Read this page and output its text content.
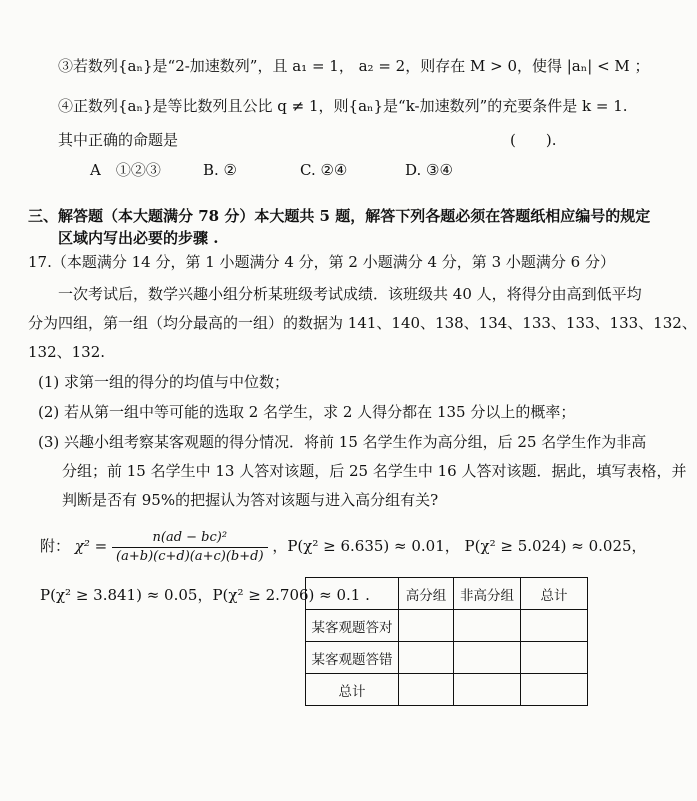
③若数列{aₙ}是“2-加速数列”，且 a₁ = 1， a₂ = 2，则存在 M > 0，使得 |aₙ| < M ；
④正数列{aₙ}是等比数列且公比 q ≠ 1，则{aₙ}是“k-加速数列”的充要条件是 k = 1.
其中正确的命题是	(　　).
A　①②③	B. ②	C. ②④	D. ③④
三、解答题（本大题满分 78 分）本大题共 5 题，解答下列各题必须在答题纸相应编号的规定
区域内写出必要的步骤 .
17.（本题满分 14 分，第 1 小题满分 4 分，第 2 小题满分 4 分，第 3 小题满分 6 分）
一次考试后，数学兴趣小组分析某班级考试成绩．该班级共 40 人，将得分由高到低平均
分为四组，第一组（均分最高的一组）的数据为 141、140、138、134、133、133、133、132、
132、132.
(1) 求第一组的得分的均值与中位数；
(2) 若从第一组中等可能的选取 2 名学生，求 2 人得分都在 135 分以上的概率；
(3) 兴趣小组考察某客观题的得分情况．将前 15 名学生作为高分组，后 25 名学生作为非高
分组；前 15 名学生中 13 人答对该题，后 25 名学生中 16 人答对该题．据此，填写表格，并
判断是否有 95%的把握认为答对该题与进入高分组有关?
附： $\chi^2 = \frac{\text{n(ad − bc)²}}{(a+b)(c+d)(a+c)(b+d)}$ ，P(χ² ≥ 6.635) ≈ 0.01， P(χ² ≥ 5.024) ≈ 0.025，
P(χ² ≥ 3.841) ≈ 0.05，P(χ² ≥ 2.706) ≈ 0.1 .
		高分组	非高分组	总计
某客观题答对			
某客观题答错			
总计			
